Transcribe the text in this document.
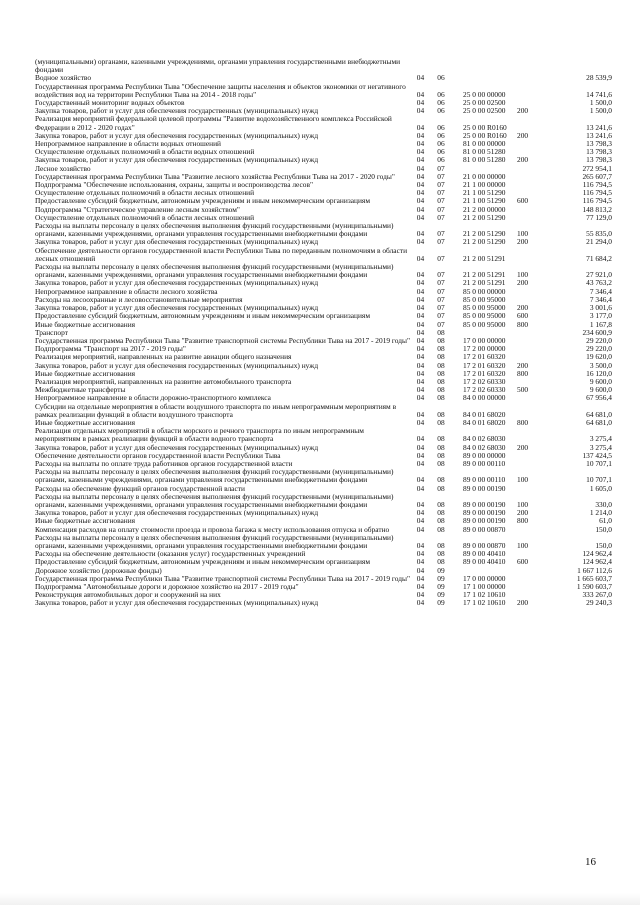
(муниципальными) органами, казенными учреждениями, органами управления государственными внебюджетными фондами
Водное хозяйство	04	06	28 539,9
Государственная программа Республики Тыва "Обеспечение защиты населения и объектов экономики от негативного воздействия вод на территории Республики Тыва на 2014 - 2018 годы"	04	06	25 0 00 00000	14 741,6
Государственный мониторинг водных объектов	04	06	25 0 00 02500	1 500,0
Закупка товаров, работ и услуг для обеспечения государственных (муниципальных) нужд	04	06	25 0 00 02500	200	1 500,0
Реализация мероприятий федеральной целевой программы "Развитие водохозяйственного комплекса Российской Федерации в 2012 - 2020 годах"	04	06	25 0 00 R0160	13 241,6
Закупка товаров, работ и услуг для обеспечения государственных (муниципальных) нужд	04	06	25 0 00 R0160	200	13 241,6
Непрограммное направление в области водных отношений	04	06	81 0 00 00000	13 798,3
Осуществление отдельных полномочий в области водных отношений	04	06	81 0 00 51280	13 798,3
Закупка товаров, работ и услуг для обеспечения государственных (муниципальных) нужд	04	06	81 0 00 51280	200	13 798,3
Лесное хозяйство	04	07	272 954,1
Государственная программа Республики Тыва "Развитие лесного хозяйства Республики Тыва на 2017 - 2020 годы"	04	07	21 0 00 00000	265 607,7
Подпрограмма "Обеспечение использования, охраны, защиты и воспроизводства лесов"	04	07	21 1 00 00000	116 794,5
Осуществление отдельных полномочий в области лесных отношений	04	07	21 1 00 51290	116 794,5
Предоставление субсидий бюджетным, автономным учреждениям и иным некоммерческим организациям	04	07	21 1 00 51290	600	116 794,5
Подпрограмма "Стратегическое управление лесным хозяйством"	04	07	21 2 00 00000	148 813,2
Осуществление отдельных полномочий в области лесных отношений	04	07	21 2 00 51290	77 129,0
Расходы на выплаты персоналу в целях обеспечения выполнения функций государственными (муниципальными) органами, казенными учреждениями, органами управления государственными внебюджетными фондами	04	07	21 2 00 51290	100	55 835,0
Закупка товаров, работ и услуг для обеспечения государственных (муниципальных) нужд	04	07	21 2 00 51290	200	21 294,0
Обеспечение деятельности органов государственной власти Республики Тыва по переданным полномочиям в области лесных отношений	04	07	21 2 00 51291	71 684,2
Расходы на выплаты персоналу в целях обеспечения выполнения функций государственными (муниципальными) органами, казенными учреждениями, органами управления государственными внебюджетными фондами	04	07	21 2 00 51291	100	27 921,0
Закупка товаров, работ и услуг для обеспечения государственных (муниципальных) нужд	04	07	21 2 00 51291	200	43 763,2
Непрограммное направление в области лесного хозяйства	04	07	85 0 00 00000	7 346,4
Расходы на лесоохранные и лесовосстановительные мероприятия	04	07	85 0 00 95000	7 346,4
Закупка товаров, работ и услуг для обеспечения государственных (муниципальных) нужд	04	07	85 0 00 95000	200	3 001,6
Предоставление субсидий бюджетным, автономным учреждениям и иным некоммерческим организациям	04	07	85 0 00 95000	600	3 177,0
Иные бюджетные ассигнования	04	07	85 0 00 95000	800	1 167,8
Транспорт	04	08	234 600,9
Государственная программа Республики Тыва "Развитие транспортной системы Республики Тыва на 2017 - 2019 годы" 04	08	17 0 00 00000	29 220,0
Подпрограмма "Транспорт на 2017 - 2019 годы"	04	08	17 2 00 00000	29 220,0
Реализация мероприятий, направленных на развитие авиации общего назначения	04	08	17 2 01 60320	19 620,0
Закупка товаров, работ и услуг для обеспечения государственных (муниципальных) нужд	04	08	17 2 01 60320	200	3 500,0
Иные бюджетные ассигнования	04	08	17 2 01 60320	800	16 120,0
Реализация мероприятий, направленных на развитие автомобильного транспорта	04	08	17 2 02 60330	9 600,0
Межбюджетные трансферты	04	08	17 2 02 60330	500	9 600,0
Непрограммное направление в области дорожно-транспортного комплекса	04	08	84 0 00 00000	67 956,4
Субсидии на отдельные мероприятия в области воздушного транспорта по иным непрограммным мероприятиям в рамках реализации функций в области воздушного транспорта	04	08	84 0 01 68020	64 681,0
Иные бюджетные ассигнования	04	08	84 0 01 68020	800	64 681,0
Реализация отдельных мероприятий в области морского и речного транспорта по иным непрограммным мероприятиям в рамках реализации функций в области водного транспорта	04	08	84 0 02 68030	3 275,4
Закупка товаров, работ и услуг для обеспечения государственных (муниципальных) нужд	04	08	84 0 02 68030	200	3 275,4
Обеспечение деятельности органов государственной власти Республики Тыва	04	08	89 0 00 00000	137 424,5
Расходы на выплаты по оплате труда работников органов государственной власти	04	08	89 0 00 00110	10 707,1
Расходы на выплаты персоналу в целях обеспечения выполнения функций государственными (муниципальными) органами, казенными учреждениями, органами управления государственными внебюджетными фондами	04	08	89 0 00 00110	100	10 707,1
Расходы на обеспечение функций органов государственной власти	04	08	89 0 00 00190	1 605,0
Расходы на выплаты персоналу в целях обеспечения выполнения функций государственными (муниципальными) органами, казенными учреждениями, органами управления государственными внебюджетными фондами	04	08	89 0 00 00190	100	330,0
Закупка товаров, работ и услуг для обеспечения государственных (муниципальных) нужд	04	08	89 0 00 00190	200	1 214,0
Иные бюджетные ассигнования	04	08	89 0 00 00190	800	61,0
Компенсация расходов на оплату стоимости проезда и провоза багажа к месту использования отпуска и обратно	04	08	89 0 00 00870	150,0
Расходы на выплаты персоналу в целях обеспечения выполнения функций государственными (муниципальными) органами, казенными учреждениями, органами управления государственными внебюджетными фондами	04	08	89 0 00 00870	100	150,0
Расходы на обеспечение деятельности (оказания услуг) государственных учреждений	04	08	89 0 00 40410	124 962,4
Предоставление субсидий бюджетным, автономным учреждениям и иным некоммерческим организациям	04	08	89 0 00 40410	600	124 962,4
Дорожное хозяйство (дорожные фонды)	04	09	1 667 112,6
Государственная программа Республики Тыва "Развитие транспортной системы Республики Тыва на 2017 - 2019 годы" 04	09	17 0 00 00000	1 665 603,7
Подпрограмма "Автомобильные дороги и дорожное хозяйство на 2017 - 2019 годы"	04	09	17 1 00 00000	1 590 603,7
Реконструкция автомобильных дорог и сооружений на них	04	09	17 1 02 10610	333 267,0
Закупка товаров, работ и услуг для обеспечения государственных (муниципальных) нужд	04	09	17 1 02 10610	200	29 240,3
16
